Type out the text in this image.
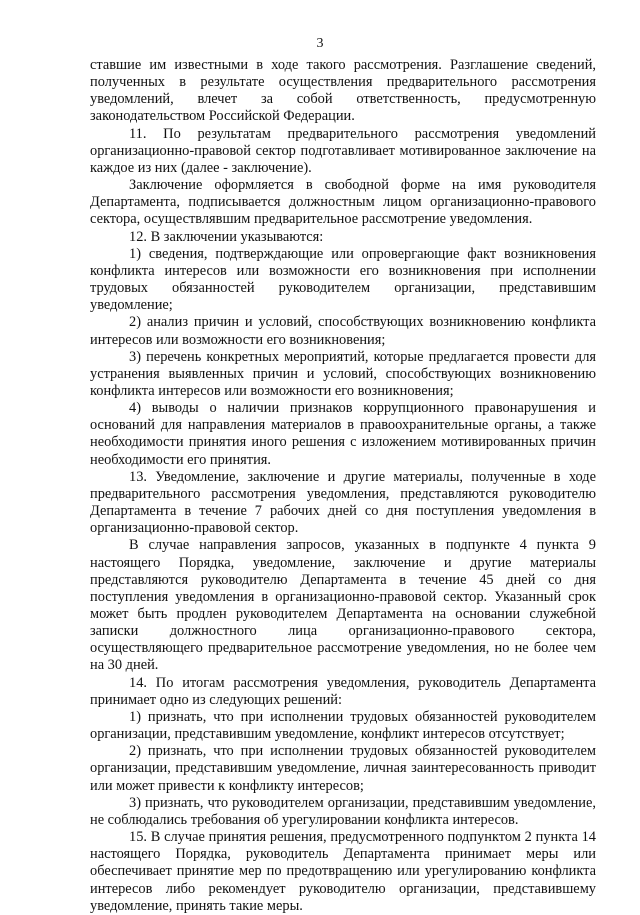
3

ставшие им известными в ходе такого рассмотрения. Разглашение сведений, полученных в результате осуществления предварительного рассмотрения уведомлений, влечет за собой ответственность, предусмотренную законодательством Российской Федерации.

11. По результатам предварительного рассмотрения уведомлений организационно-правовой сектор подготавливает мотивированное заключение на каждое из них (далее - заключение).

Заключение оформляется в свободной форме на имя руководителя Департамента, подписывается должностным лицом организационно-правового сектора, осуществлявшим предварительное рассмотрение уведомления.

12. В заключении указываются:

1) сведения, подтверждающие или опровергающие факт возникновения конфликта интересов или возможности его возникновения при исполнении трудовых обязанностей руководителем организации, представившим уведомление;

2) анализ причин и условий, способствующих возникновению конфликта интересов или возможности его возникновения;

3) перечень конкретных мероприятий, которые предлагается провести для устранения выявленных причин и условий, способствующих возникновению конфликта интересов или возможности его возникновения;

4) выводы о наличии признаков коррупционного правонарушения и оснований для направления материалов в правоохранительные органы, а также необходимости принятия иного решения с изложением мотивированных причин необходимости его принятия.

13. Уведомление, заключение и другие материалы, полученные в ходе предварительного рассмотрения уведомления, представляются руководителю Департамента в течение 7 рабочих дней со дня поступления уведомления в организационно-правовой сектор.

В случае направления запросов, указанных в подпункте 4 пункта 9 настоящего Порядка, уведомление, заключение и другие материалы представляются руководителю Департамента в течение 45 дней со дня поступления уведомления в организационно-правовой сектор. Указанный срок может быть продлен руководителем Департамента на основании служебной записки должностного лица организационно-правового сектора, осуществляющего предварительное рассмотрение уведомления, но не более чем на 30 дней.

14. По итогам рассмотрения уведомления, руководитель Департамента принимает одно из следующих решений:

1) признать, что при исполнении трудовых обязанностей руководителем организации, представившим уведомление, конфликт интересов отсутствует;

2) признать, что при исполнении трудовых обязанностей руководителем организации, представившим уведомление, личная заинтересованность приводит или может привести к конфликту интересов;

3) признать, что руководителем организации, представившим уведомление, не соблюдались требования об урегулировании конфликта интересов.

15. В случае принятия решения, предусмотренного подпунктом 2 пункта 14 настоящего Порядка, руководитель Департамента принимает меры или обеспечивает принятие мер по предотвращению или урегулированию конфликта интересов либо рекомендует руководителю организации, представившему уведомление, принять такие меры.
